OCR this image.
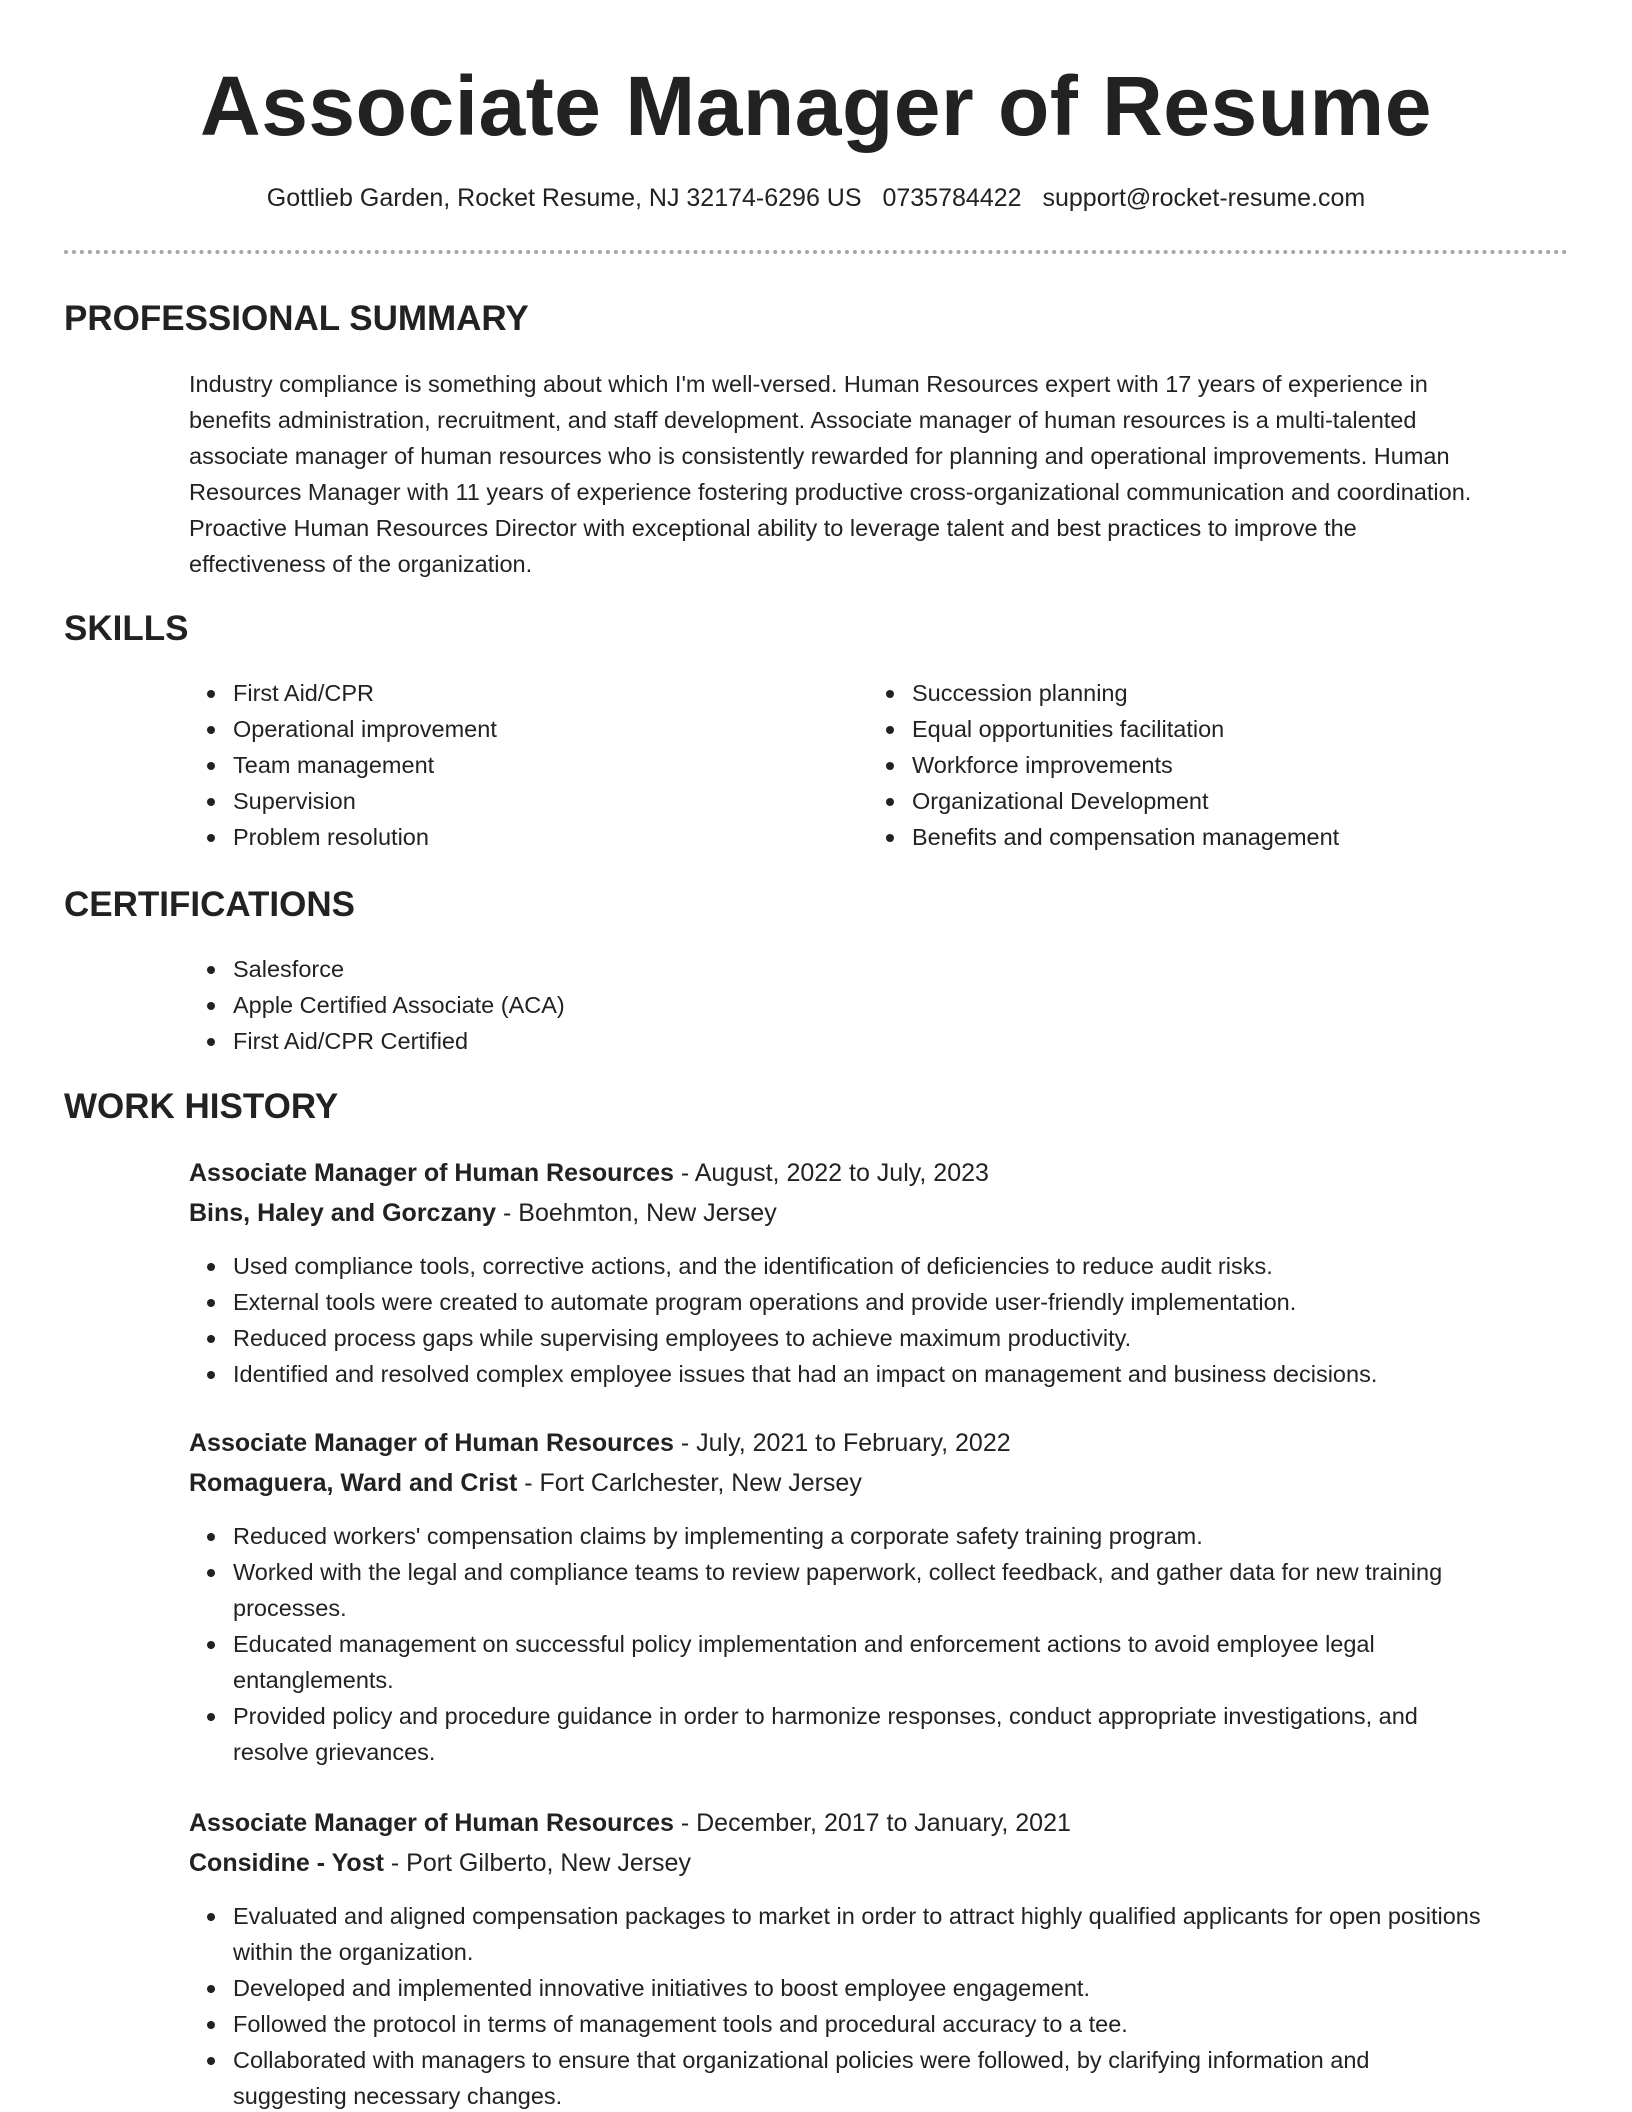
Associate Manager of Resume
Gottlieb Garden, Rocket Resume, NJ 32174-6296 US 0735784422 support@rocket-resume.com
PROFESSIONAL SUMMARY
Industry compliance is something about which I'm well-versed. Human Resources expert with 17 years of experience in
benefits administration, recruitment, and staff development. Associate manager of human resources is a multi-talented
associate manager of human resources who is consistently rewarded for planning and operational improvements. Human
Resources Manager with 11 years of experience fostering productive cross-organizational communication and coordination.
Proactive Human Resources Director with exceptional ability to leverage talent and best practices to improve the
effectiveness of the organization.
SKILLS
First Aid/CPR
Operational improvement
Team management
Supervision
Problem resolution
Succession planning
Equal opportunities facilitation
Workforce improvements
Organizational Development
Benefits and compensation management
CERTIFICATIONS
Salesforce
Apple Certified Associate (ACA)
First Aid/CPR Certified
WORK HISTORY
Associate Manager of Human Resources - August, 2022 to July, 2023
Bins, Haley and Gorczany - Boehmton, New Jersey
Used compliance tools, corrective actions, and the identification of deficiencies to reduce audit risks.
External tools were created to automate program operations and provide user-friendly implementation.
Reduced process gaps while supervising employees to achieve maximum productivity.
Identified and resolved complex employee issues that had an impact on management and business decisions.
Associate Manager of Human Resources - July, 2021 to February, 2022
Romaguera, Ward and Crist - Fort Carlchester, New Jersey
Reduced workers' compensation claims by implementing a corporate safety training program.
Worked with the legal and compliance teams to review paperwork, collect feedback, and gather data for new training
processes.
Educated management on successful policy implementation and enforcement actions to avoid employee legal
entanglements.
Provided policy and procedure guidance in order to harmonize responses, conduct appropriate investigations, and
resolve grievances.
Associate Manager of Human Resources - December, 2017 to January, 2021
Considine - Yost - Port Gilberto, New Jersey
Evaluated and aligned compensation packages to market in order to attract highly qualified applicants for open positions
within the organization.
Developed and implemented innovative initiatives to boost employee engagement.
Followed the protocol in terms of management tools and procedural accuracy to a tee.
Collaborated with managers to ensure that organizational policies were followed, by clarifying information and
suggesting necessary changes.
